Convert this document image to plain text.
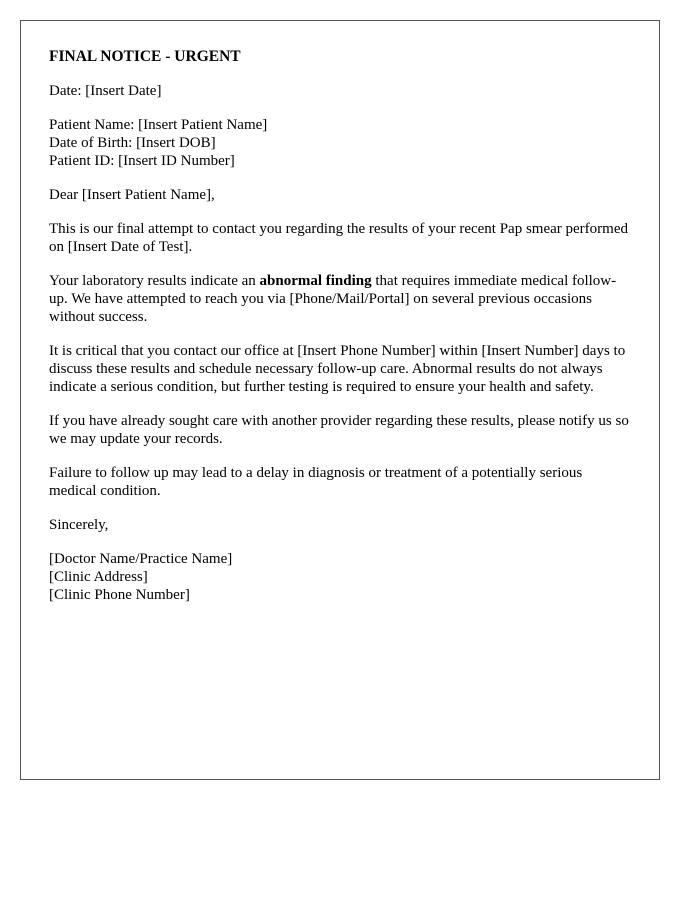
FINAL NOTICE - URGENT
Date: [Insert Date]
Patient Name: [Insert Patient Name]
Date of Birth: [Insert DOB]
Patient ID: [Insert ID Number]
Dear [Insert Patient Name],

This is our final attempt to contact you regarding the results of your recent Pap smear performed on [Insert Date of Test].

Your laboratory results indicate an abnormal finding that requires immediate medical follow-up. We have attempted to reach you via [Phone/Mail/Portal] on several previous occasions without success.

It is critical that you contact our office at [Insert Phone Number] within [Insert Number] days to discuss these results and schedule necessary follow-up care. Abnormal results do not always indicate a serious condition, but further testing is required to ensure your health and safety.

If you have already sought care with another provider regarding these results, please notify us so we may update your records.

Failure to follow up may lead to a delay in diagnosis or treatment of a potentially serious medical condition.

Sincerely,
[Doctor Name/Practice Name]
[Clinic Address]
[Clinic Phone Number]
